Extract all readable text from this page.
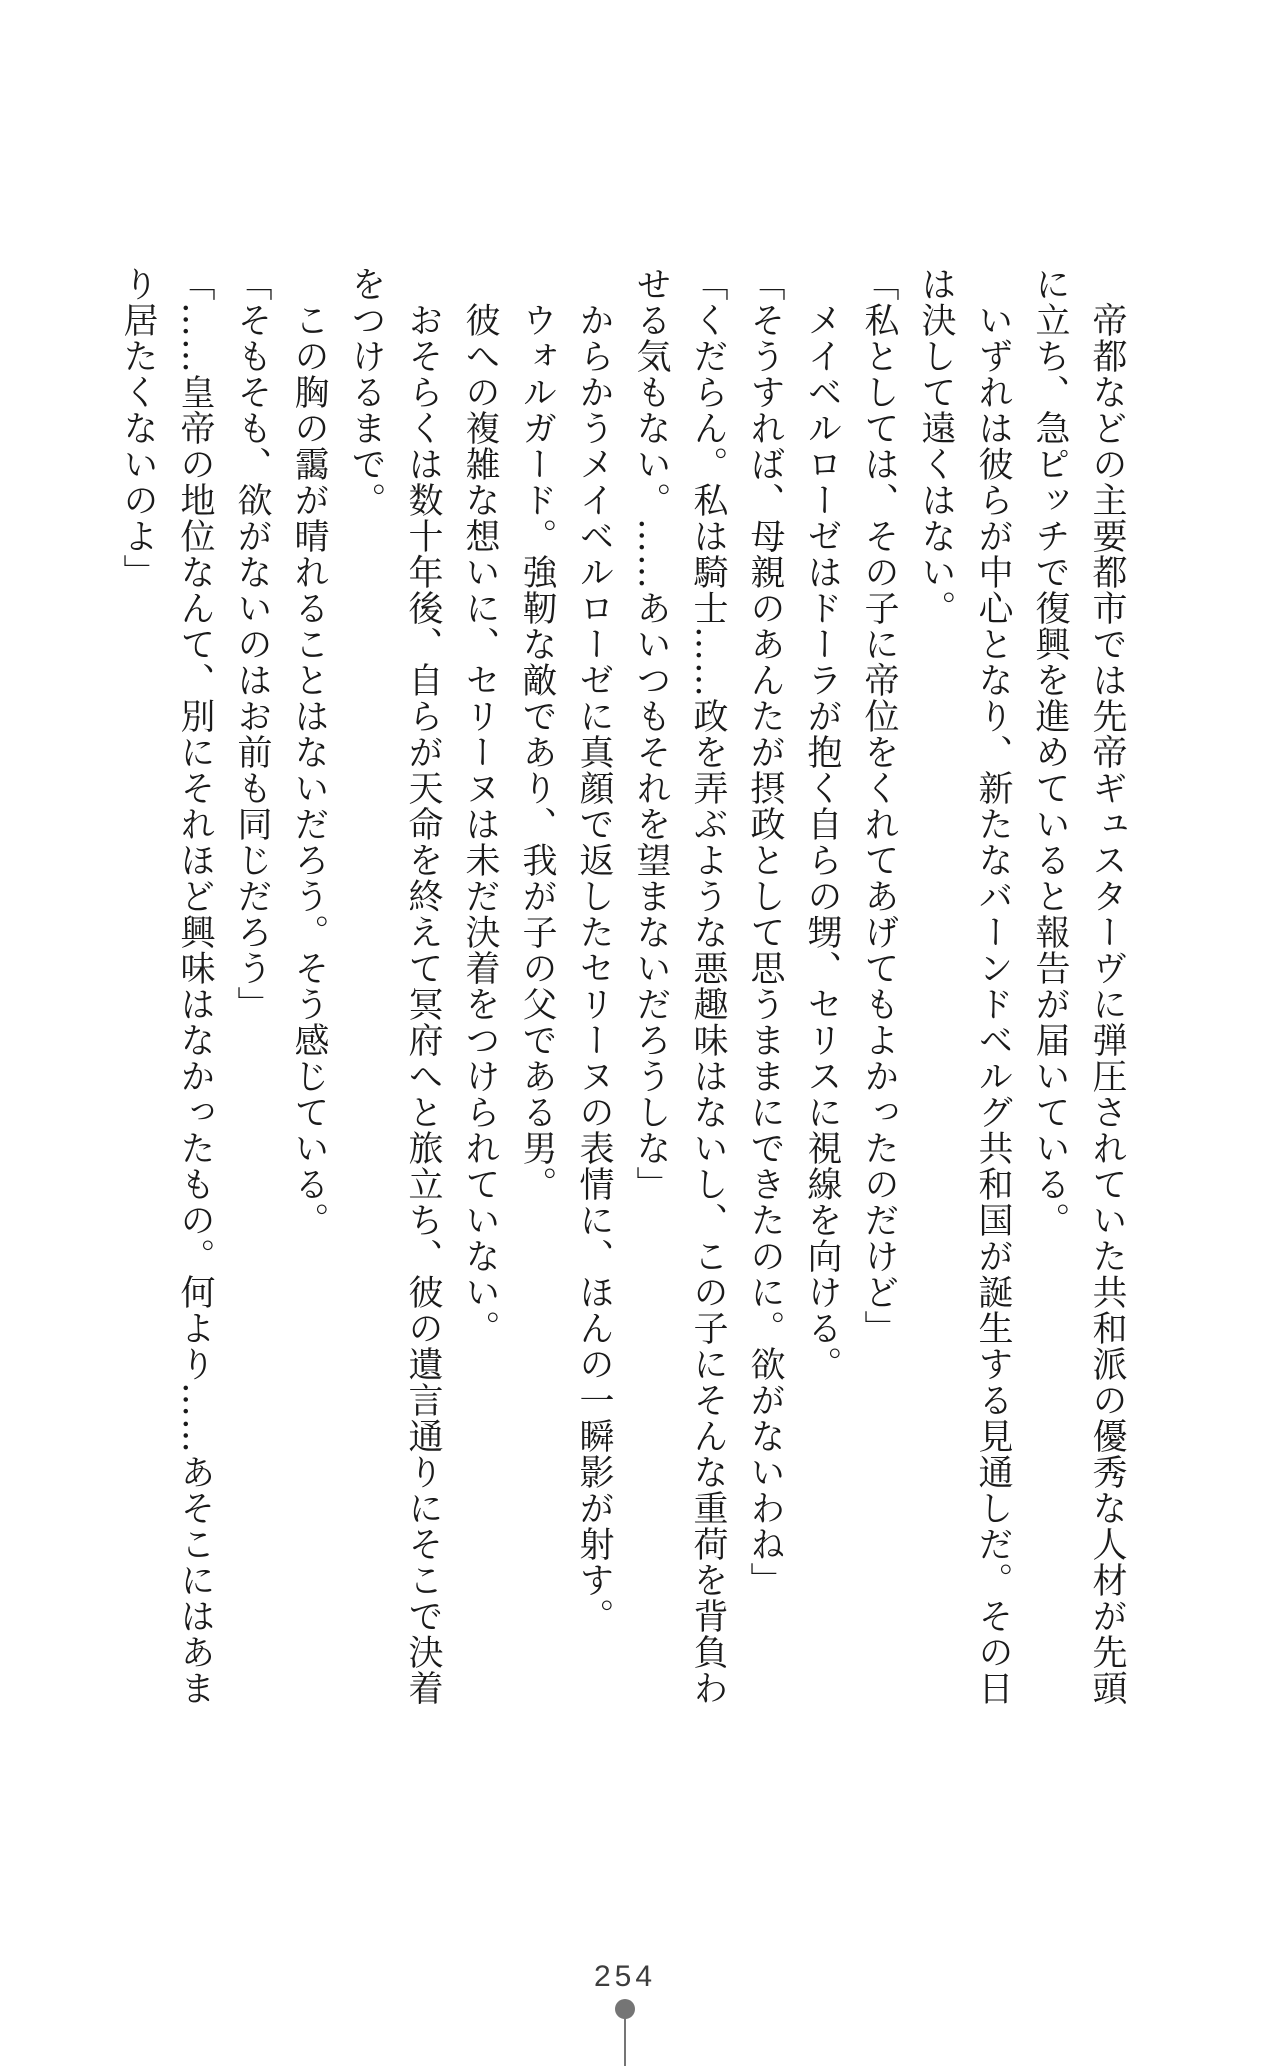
　帝都などの主要都市では先帝ギュスターヴに弾圧されていた共和派の優秀な人材が先頭

に立ち、急ピッチで復興を進めていると報告が届いている。

　いずれは彼らが中心となり、新たなバーンドベルグ共和国が誕生する見通しだ。その日

は決して遠くはない。

「私としては、その子に帝位をくれてあげてもよかったのだけど」

　メイベルローゼはドーラが抱く自らの甥、セリスに視線を向ける。

「そうすれば、母親のあんたが摂政として思うままにできたのに。欲がないわね」

「くだらん。私は騎士……政を弄ぶような悪趣味はないし、この子にそんな重荷を背負わ

せる気もない。……あいつもそれを望まないだろうしな」

　からかうメイベルローゼに真顔で返したセリーヌの表情に、ほんの一瞬影が射す。

　ウォルガード。強靭な敵であり、我が子の父である男。

　彼への複雑な想いに、セリーヌは未だ決着をつけられていない。

　おそらくは数十年後、自らが天命を終えて冥府へと旅立ち、彼の遺言通りにそこで決着

をつけるまで。

　この胸の靄が晴れることはないだろう。そう感じている。

「そもそも、欲がないのはお前も同じだろう」

「……皇帝の地位なんて、別にそれほど興味はなかったもの。何より……あそこにはあま

り居たくないのよ」

254
